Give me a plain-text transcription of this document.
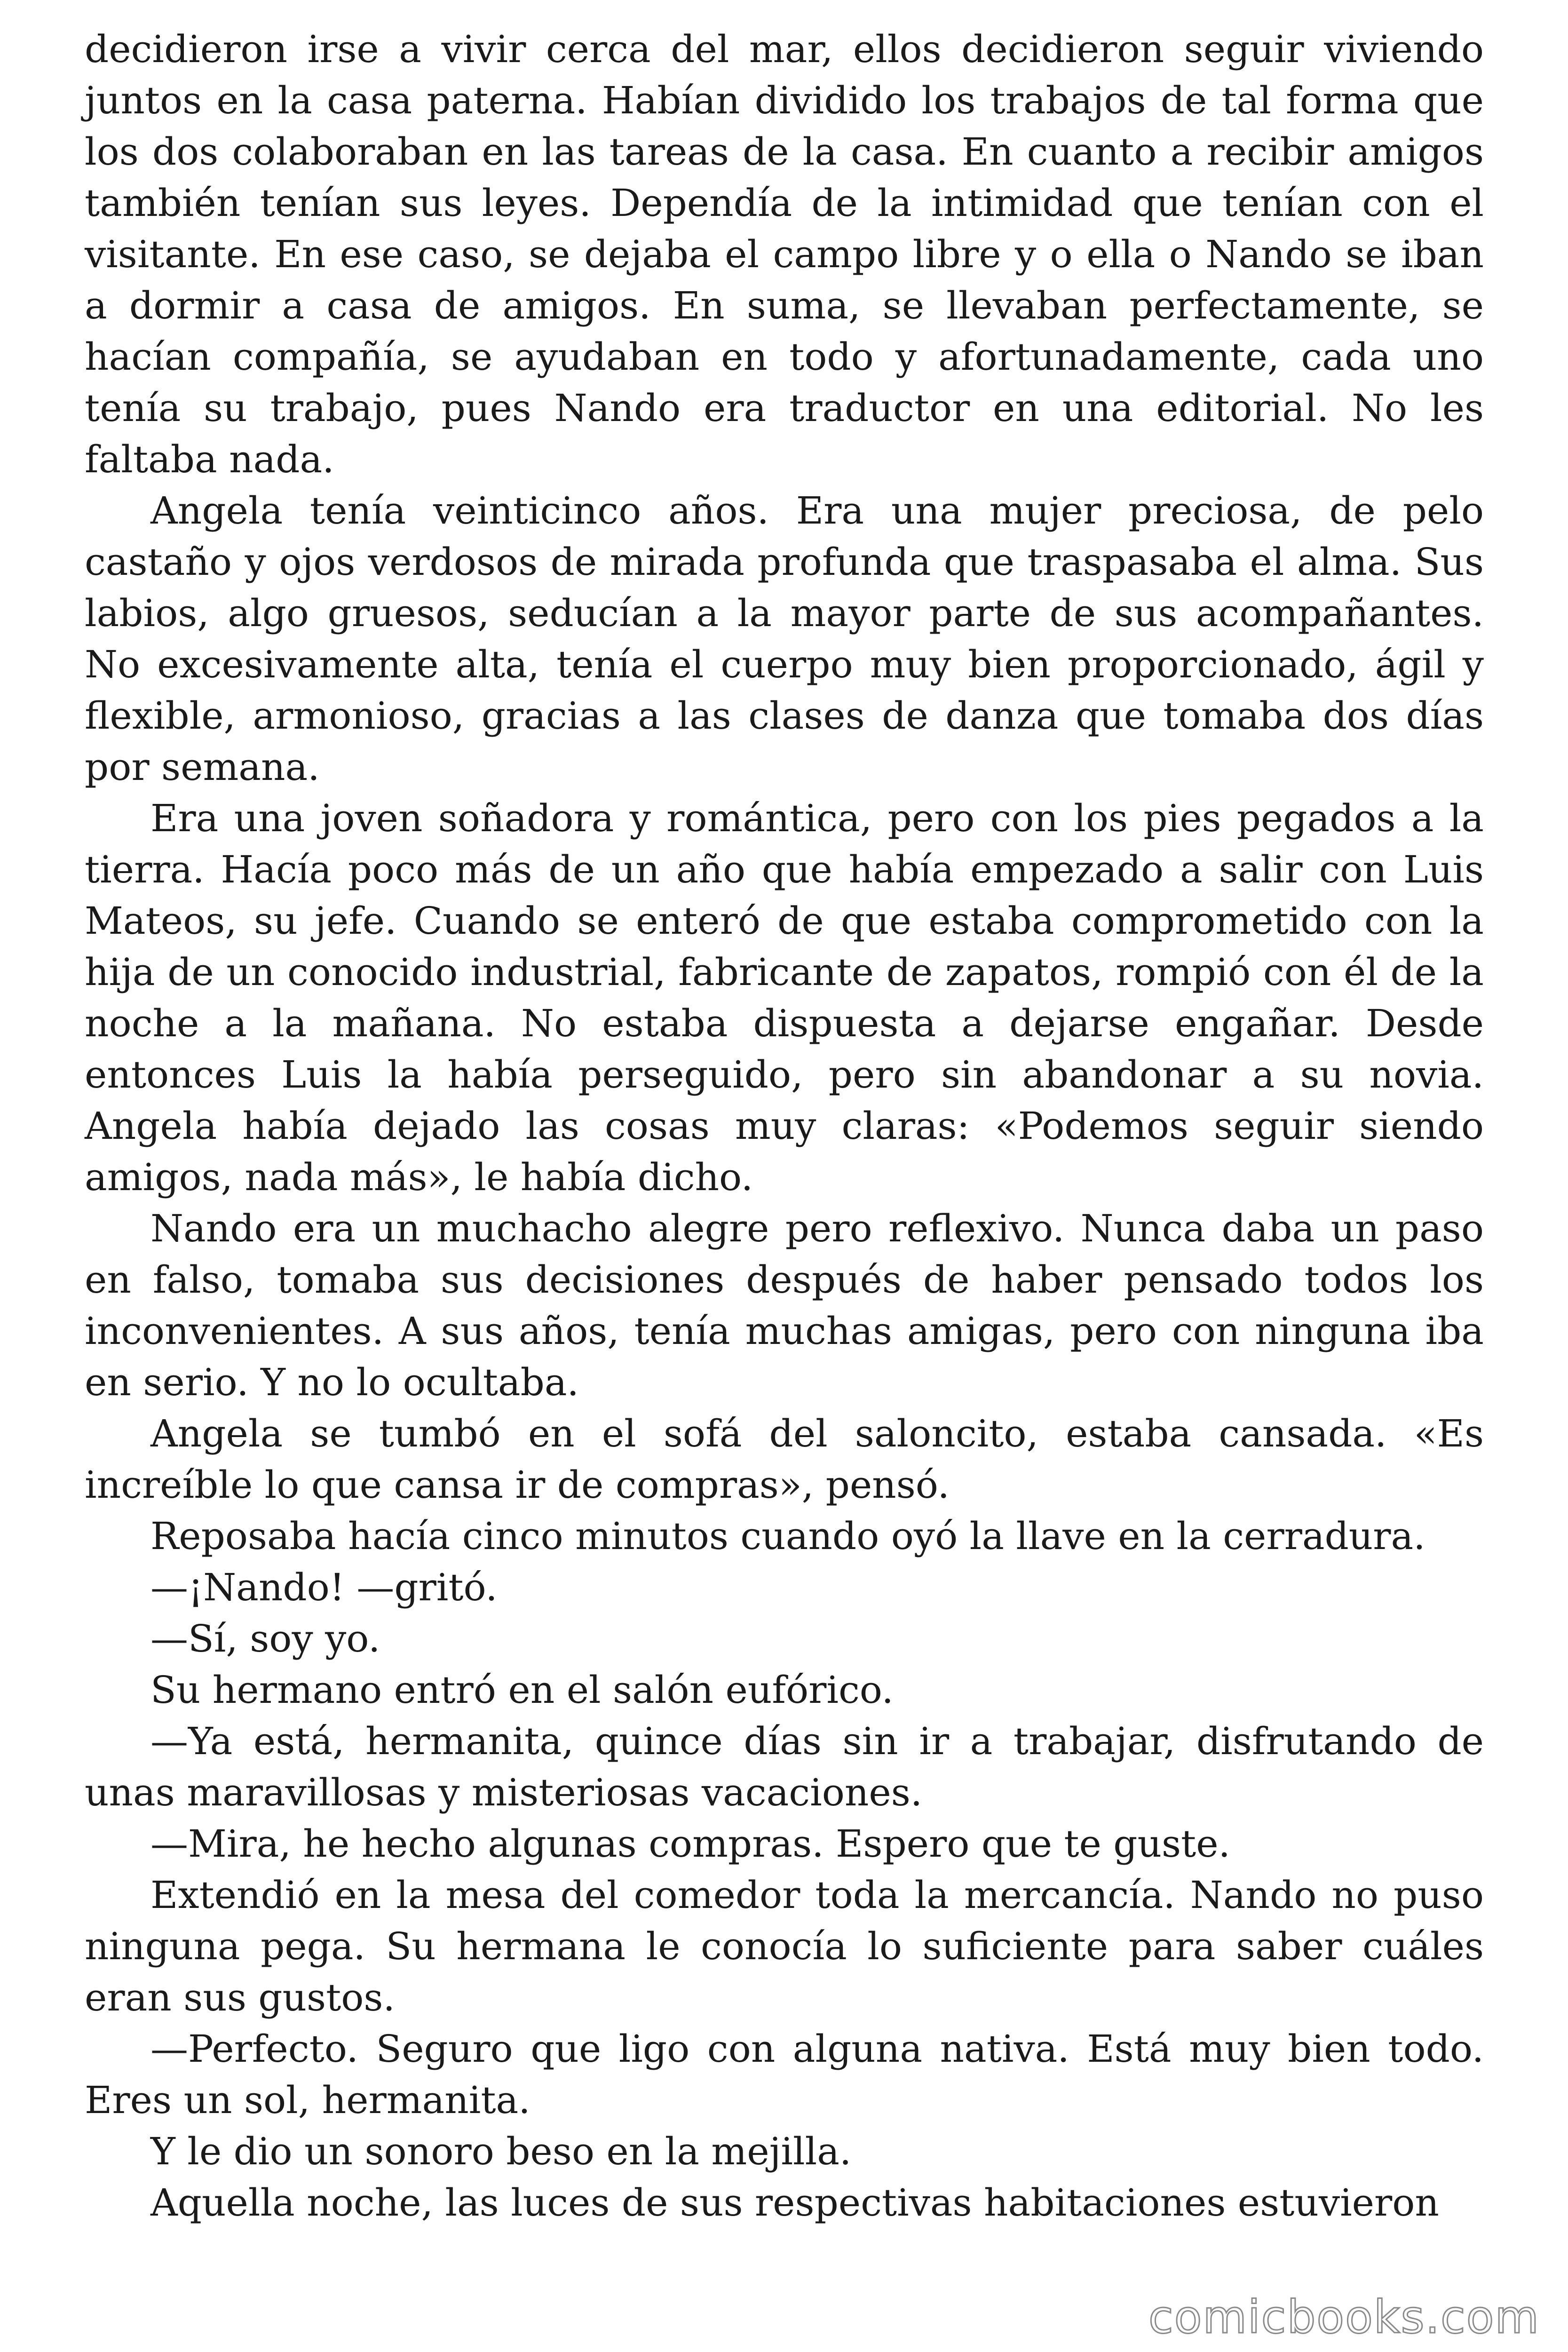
decidieron irse a vivir cerca del mar, ellos decidieron seguir viviendo juntos en la casa paterna. Habían dividido los trabajos de tal forma que los dos colaboraban en las tareas de la casa. En cuanto a recibir amigos también tenían sus leyes. Dependía de la intimidad que tenían con el visitante. En ese caso, se dejaba el campo libre y o ella o Nando se iban a dormir a casa de amigos. En suma, se llevaban perfectamente, se hacían compañía, se ayudaban en todo y afortunadamente, cada uno tenía su trabajo, pues Nando era traductor en una editorial. No les faltaba nada.

Angela tenía veinticinco años. Era una mujer preciosa, de pelo castaño y ojos verdosos de mirada profunda que traspasaba el alma. Sus labios, algo gruesos, seducían a la mayor parte de sus acompañantes. No excesivamente alta, tenía el cuerpo muy bien proporcionado, ágil y flexible, armonioso, gracias a las clases de danza que tomaba dos días por semana.

Era una joven soñadora y romántica, pero con los pies pegados a la tierra. Hacía poco más de un año que había empezado a salir con Luis Mateos, su jefe. Cuando se enteró de que estaba comprometido con la hija de un conocido industrial, fabricante de zapatos, rompió con él de la noche a la mañana. No estaba dispuesta a dejarse engañar. Desde entonces Luis la había perseguido, pero sin abandonar a su novia. Angela había dejado las cosas muy claras: «Podemos seguir siendo amigos, nada más», le había dicho.

Nando era un muchacho alegre pero reflexivo. Nunca daba un paso en falso, tomaba sus decisiones después de haber pensado todos los inconvenientes. A sus años, tenía muchas amigas, pero con ninguna iba en serio. Y no lo ocultaba.

Angela se tumbó en el sofá del saloncito, estaba cansada. «Es increíble lo que cansa ir de compras», pensó.

Reposaba hacía cinco minutos cuando oyó la llave en la cerradura.

—¡Nando! —gritó.

—Sí, soy yo.

Su hermano entró en el salón eufórico.

—Ya está, hermanita, quince días sin ir a trabajar, disfrutando de unas maravillosas y misteriosas vacaciones.

—Mira, he hecho algunas compras. Espero que te guste.

Extendió en la mesa del comedor toda la mercancía. Nando no puso ninguna pega. Su hermana le conocía lo suficiente para saber cuáles eran sus gustos.

—Perfecto. Seguro que ligo con alguna nativa. Está muy bien todo. Eres un sol, hermanita.

Y le dio un sonoro beso en la mejilla.

Aquella noche, las luces de sus respectivas habitaciones estuvieron

comicbooks.com
